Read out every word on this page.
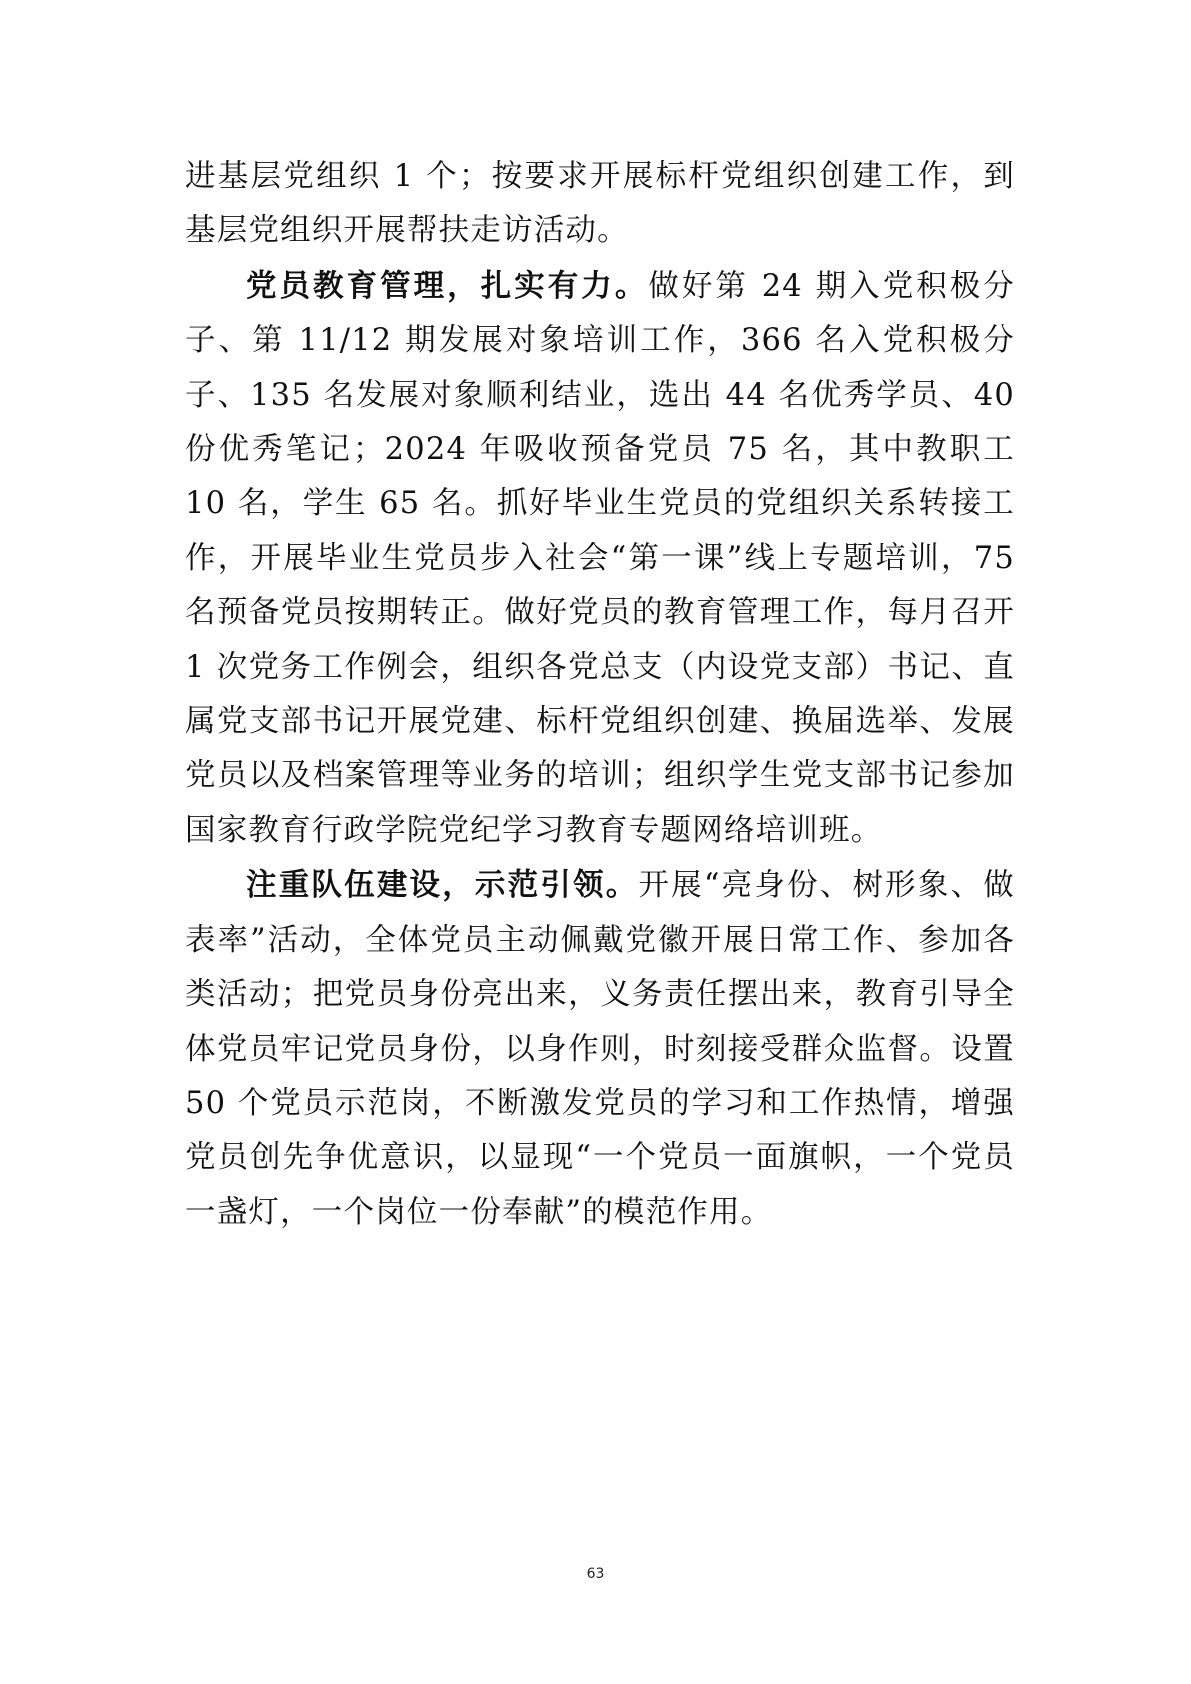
进基层党组织 1 个；按要求开展标杆党组织创建工作，到基层党组织开展帮扶走访活动。

党员教育管理，扎实有力。做好第 24 期入党积极分子、第 11/12 期发展对象培训工作，366 名入党积极分子、135 名发展对象顺利结业，选出 44 名优秀学员、40 份优秀笔记；2024 年吸收预备党员 75 名，其中教职工 10 名，学生 65 名。抓好毕业生党员的党组织关系转接工作，开展毕业生党员步入社会“第一课”线上专题培训，75 名预备党员按期转正。做好党员的教育管理工作，每月召开 1 次党务工作例会，组织各党总支（内设党支部）书记、直属党支部书记开展党建、标杆党组织创建、换届选举、发展党员以及档案管理等业务的培训；组织学生党支部书记参加国家教育行政学院党纪学习教育专题网络培训班。

注重队伍建设，示范引领。开展“亮身份、树形象、做表率”活动，全体党员主动佩戴党徽开展日常工作、参加各类活动；把党员身份亮出来，义务责任摆出来，教育引导全体党员牢记党员身份，以身作则，时刻接受群众监督。设置 50 个党员示范岗，不断激发党员的学习和工作热情，增强党员创先争优意识，以显现“一个党员一面旗帜，一个党员一盏灯，一个岗位一份奉献”的模范作用。

63
